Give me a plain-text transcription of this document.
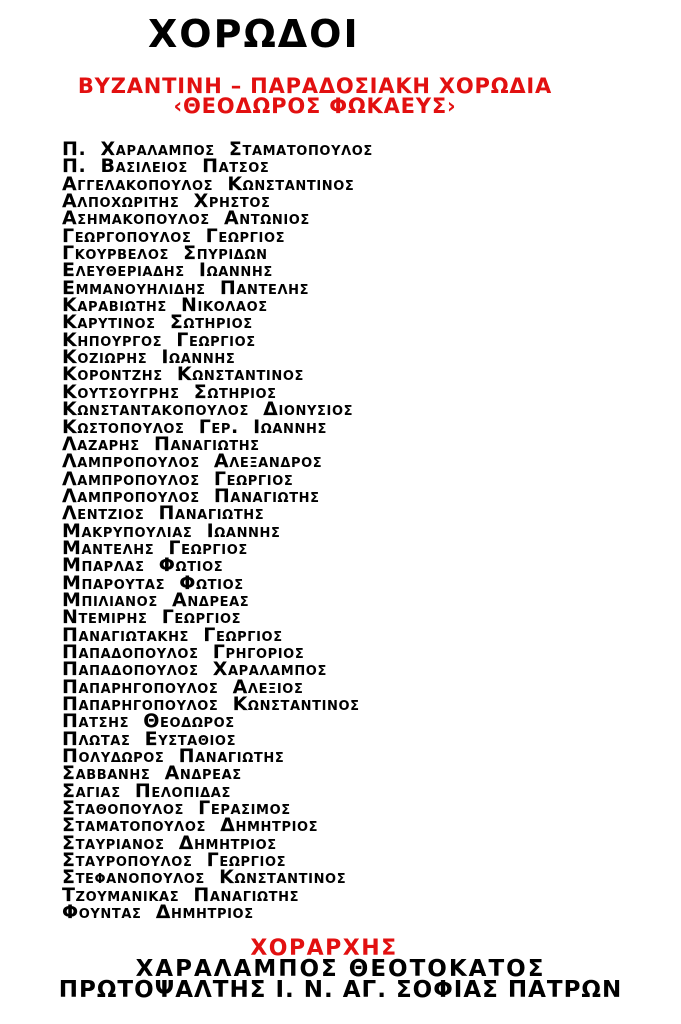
ΧΟΡΩΔΟΙ
ΒΥΖΑΝΤΙΝΗ – ΠΑΡΑΔΟΣΙΑΚΗ ΧΟΡΩΔΙΑ
‹ΘΕΟΔΩΡΟΣ ΦΩΚΑΕΥΣ›
Π. Χαράλαμπος Σταματόπουλος
Π. Βασίλειος Πατσός
Αγγελακόπουλος Κωνσταντίνος
Αλποχωρίτης Χρήστος
Ασημακόπουλος Αντώνιος
Γεωργόπουλος Γεώργιος
Γκουρβέλος Σπυρίδων
Ελευθεριάδης Ιωάννης
Εμμανουηλίδης Παντελής
Καραβιώτης Νικόλαος
Καρυτινός Σωτήριος
Κηπουργός Γεώργιος
Κοζιώρης Ιωάννης
Κοροντζής Κωνσταντίνος
Κουτσουγρής Σωτήριος
Κωνσταντακόπουλος Διονύσιος
Κωστόπουλος Γερ. Ιωάννης
Λάζαρης Παναγιώτης
Λαμπρόπουλος Αλέξανδρος
Λαμπρόπουλος Γεώργιος
Λαμπρόπουλος Παναγιώτης
Λέντζιος Παναγιώτης
Μακρυπούλιας Ιωάννης
Μαντέλης Γεώργιος
Μπάρλας Φώτιος
Μπαρούτας Φώτιος
Μπιλιανός Ανδρέας
Ντεμίρης Γεώργιος
Παναγιωτάκης Γεώργιος
Παπαδόπουλος Γρηγόριος
Παπαδόπουλος Χαράλαμπος
Παπαρηγόπουλος Αλέξιος
Παπαρηγόπουλος Κωνσταντίνος
Πάτσης Θεόδωρος
Πλώτας Ευστάθιος
Πολύδωρος Παναγιώτης
Σαββανής Ανδρέας
Σαγιάς Πελοπίδας
Σταθόπουλος Γεράσιμος
Σταματόπουλος Δημήτριος
Σταυριανός Δημήτριος
Σταυρόπουλος Γεώργιος
Στεφανόπουλος Κωνσταντίνος
Τζουμανίκας Παναγιώτης
Φουντάς Δημήτριος
ΧΟΡΑΡΧΗΣ
ΧΑΡΑΛΑΜΠΟΣ ΘΕΟΤΟΚΑΤΟΣ
ΠΡΩΤΟΨΑΛΤΗΣ Ι. Ν. ΑΓ. ΣΟΦΙΑΣ ΠΑΤΡΩΝ
